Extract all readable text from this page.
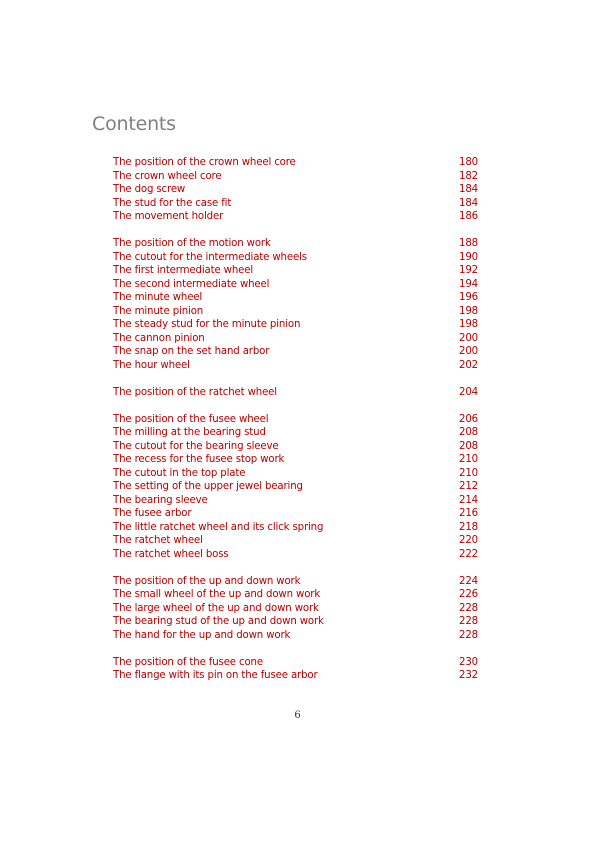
Contents
The position of the crown wheel core	180
The crown wheel core	182
The dog screw	184
The stud for the case fit	184
The movement holder	186
The position of the motion work	188
The cutout for the intermediate wheels	190
The first intermediate wheel	192
The second intermediate wheel	194
The minute wheel	196
The minute pinion	198
The steady stud for the minute pinion	198
The cannon pinion	200
The snap on the set hand arbor	200
The hour wheel	202
The position of the ratchet wheel	204
The position of the fusee wheel	206
The milling at the bearing stud	208
The cutout for the bearing sleeve	208
The recess for the fusee stop work	210
The cutout in the top plate	210
The setting of the upper jewel bearing	212
The bearing sleeve	214
The fusee arbor	216
The little ratchet wheel and its click spring	218
The ratchet wheel	220
The ratchet wheel boss	222
The position of the up and down work	224
The small wheel of the up and down work	226
The large wheel of the up and down work	228
The bearing stud of the up and down work	228
The hand for the up and down work	228
The position of the fusee cone	230
The flange with its pin on the fusee arbor	232
6
